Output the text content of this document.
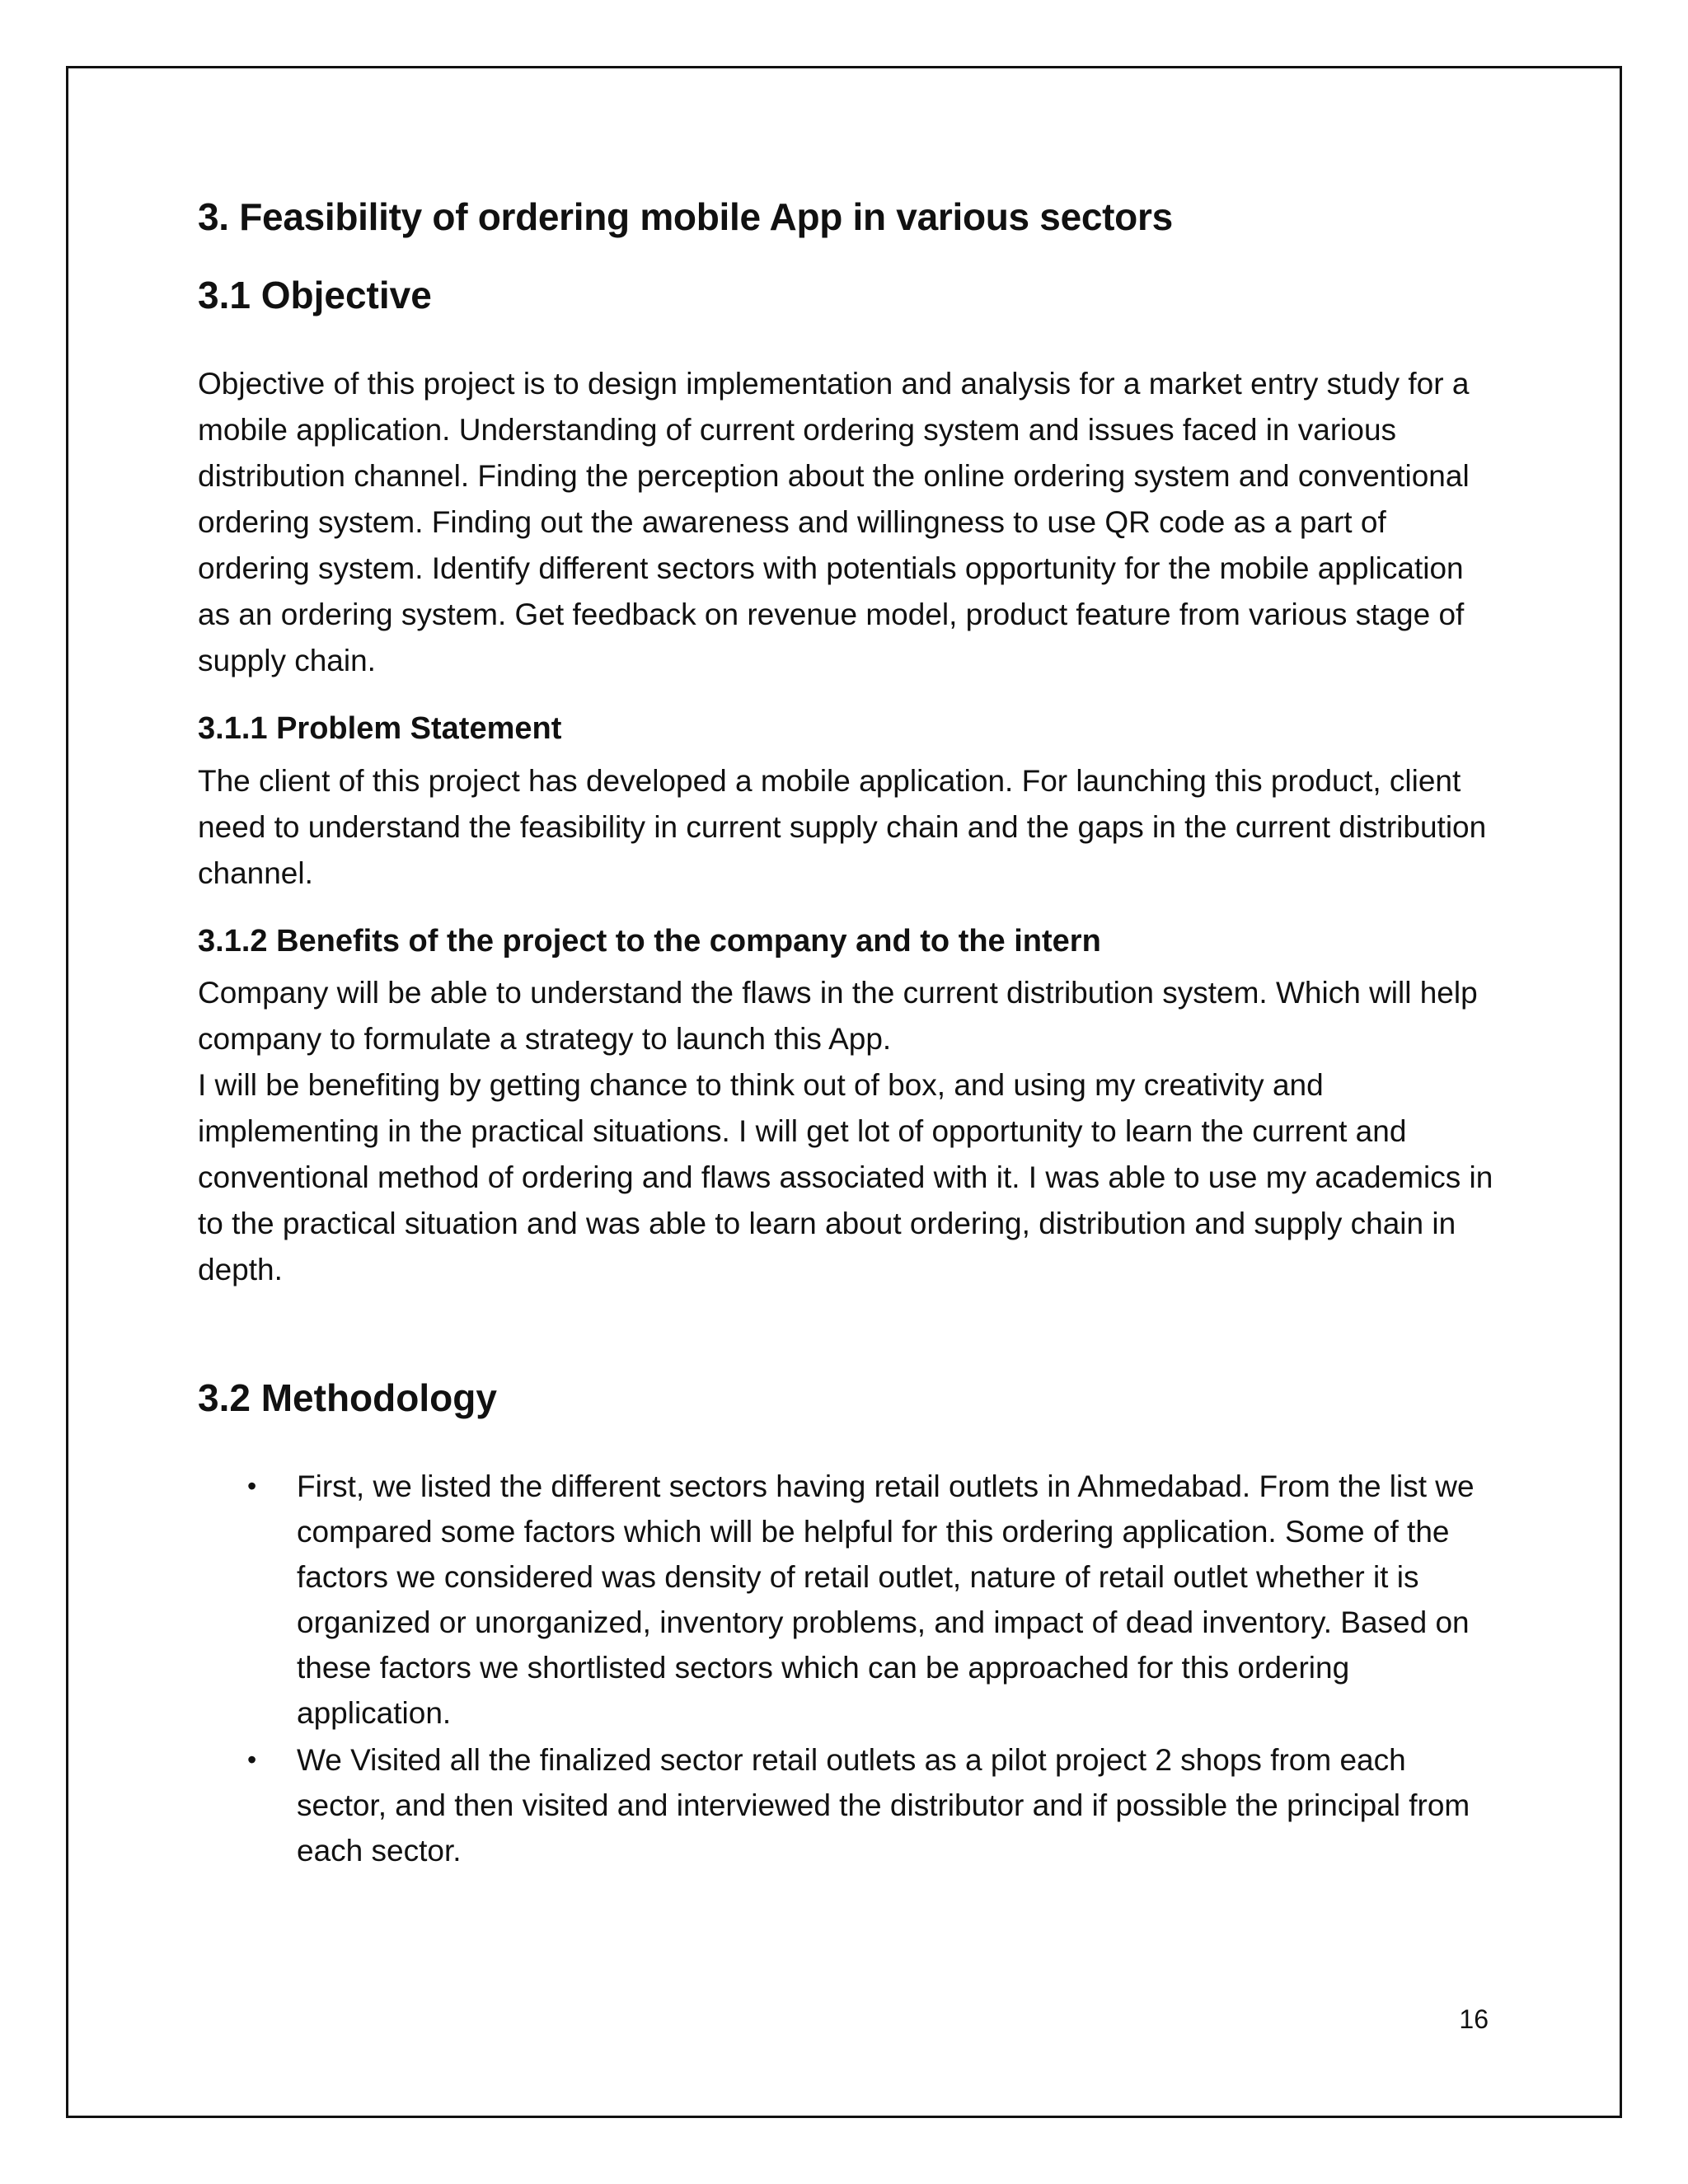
3. Feasibility of ordering mobile App in various sectors
3.1 Objective

Objective of this project is to design implementation and analysis for a market entry study for a mobile application. Understanding of current ordering system and issues faced in various distribution channel. Finding the perception about the online ordering system and conventional ordering system. Finding out the awareness and willingness to use QR code as a part of ordering system. Identify different sectors with potentials opportunity for the mobile application as an ordering system. Get feedback on revenue model, product feature from various stage of supply chain.

3.1.1 Problem Statement

The client of this project has developed a mobile application. For launching this product, client need to understand the feasibility in current supply chain and the gaps in the current distribution channel.

3.1.2 Benefits of the project to the company and to the intern

Company will be able to understand the flaws in the current distribution system. Which will help company to formulate a strategy to launch this App.

I will be benefiting by getting chance to think out of box, and using my creativity and implementing in the practical situations. I will get lot of opportunity to learn the current and conventional method of ordering and flaws associated with it. I was able to use my academics in to the practical situation and was able to learn about ordering, distribution and supply chain in depth.

3.2 Methodology
• First, we listed the different sectors having retail outlets in Ahmedabad. From the list we compared some factors which will be helpful for this ordering application. Some of the factors we considered was density of retail outlet, nature of retail outlet whether it is organized or unorganized, inventory problems, and impact of dead inventory. Based on these factors we shortlisted sectors which can be approached for this ordering application.
• We Visited all the finalized sector retail outlets as a pilot project 2 shops from each sector, and then visited and interviewed the distributor and if possible the principal from each sector.
16
